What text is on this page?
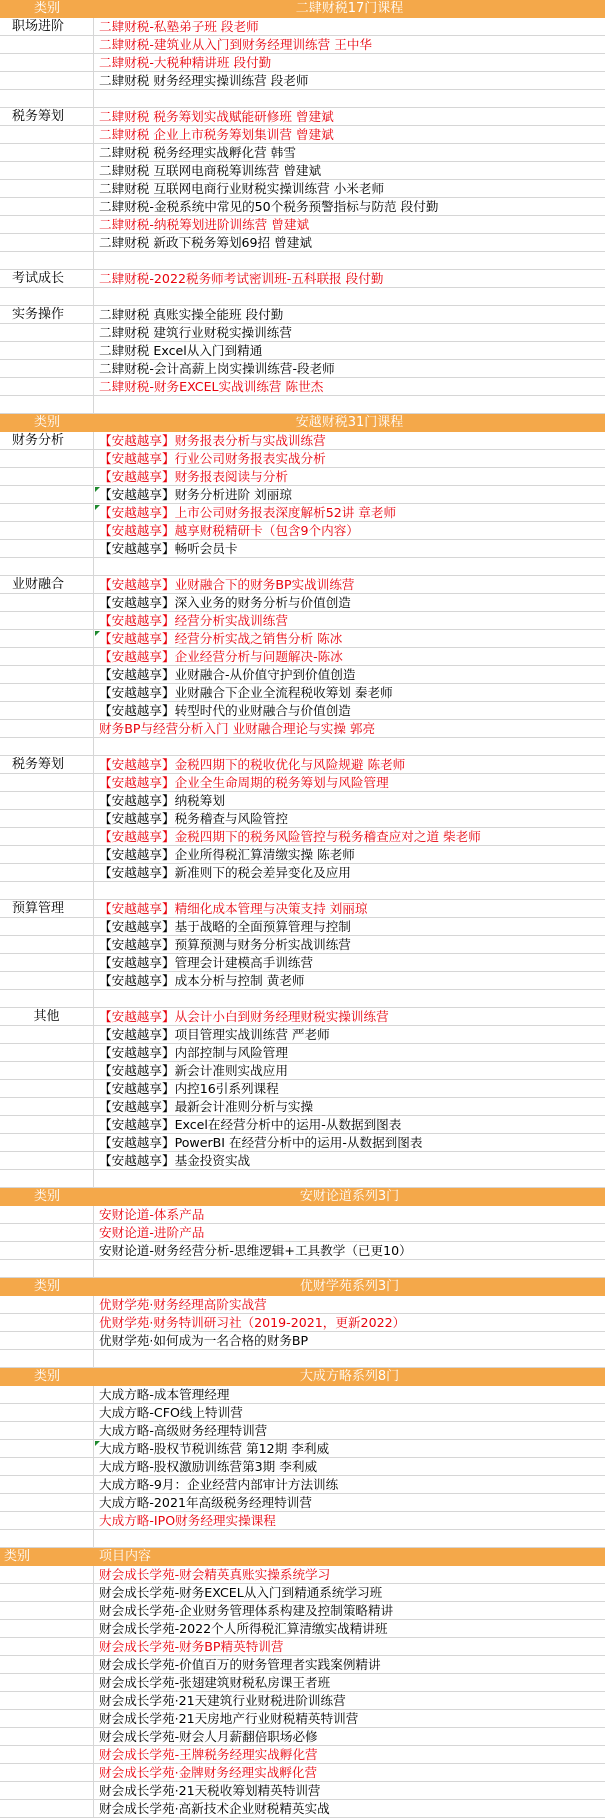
类别	二肆财税17门课程
职场进阶	二肆财税-私塾弟子班 段老师
二肆财税-建筑业从入门到财务经理训练营 王中华
二肆财税-大税种精讲班 段付勤
二肆财税 财务经理实操训练营 段老师
税务筹划	二肆财税 税务筹划实战赋能研修班 曾建斌
二肆财税 企业上市税务筹划集训营 曾建斌
二肆财税 税务经理实战孵化营 韩雪
二肆财税 互联网电商税筹训练营 曾建斌
二肆财税 互联网电商行业财税实操训练营 小米老师
二肆财税-金税系统中常见的50个税务预警指标与防范 段付勤
二肆财税-纳税筹划进阶训练营 曾建斌
二肆财税 新政下税务筹划69招 曾建斌
考试成长	二肆财税-2022税务师考试密训班-五科联报 段付勤
实务操作	二肆财税 真账实操全能班 段付勤
二肆财税 建筑行业财税实操训练营
二肆财税 Excel从入门到精通
二肆财税-会计高薪上岗实操训练营-段老师
二肆财税-财务EXCEL实战训练营 陈世杰
类别	安越财税31门课程
财务分析	【安越越享】财务报表分析与实战训练营
【安越越享】行业公司财务报表实战分析
【安越越享】财务报表阅读与分析
【安越越享】财务分析进阶 刘丽琼
【安越越享】上市公司财务报表深度解析52讲 章老师
【安越越享】越享财税精研卡（包含9个内容）
【安越越享】畅听会员卡
业财融合	【安越越享】业财融合下的财务BP实战训练营
【安越越享】深入业务的财务分析与价值创造
【安越越享】经营分析实战训练营
【安越越享】经营分析实战之销售分析 陈冰
【安越越享】企业经营分析与问题解决-陈冰
【安越越享】业财融合-从价值守护到价值创造
【安越越享】业财融合下企业全流程税收筹划 秦老师
【安越越享】转型时代的业财融合与价值创造
财务BP与经营分析入门 业财融合理论与实操 郭亮
税务筹划	【安越越享】金税四期下的税收优化与风险规避 陈老师
【安越越享】企业全生命周期的税务筹划与风险管理
【安越越享】纳税筹划
【安越越享】税务稽查与风险管控
【安越越享】金税四期下的税务风险管控与税务稽查应对之道 柴老师
【安越越享】企业所得税汇算清缴实操 陈老师
【安越越享】新准则下的税会差异变化及应用
预算管理	【安越越享】精细化成本管理与决策支持 刘丽琼
【安越越享】基于战略的全面预算管理与控制
【安越越享】预算预测与财务分析实战训练营
【安越越享】管理会计建模高手训练营
【安越越享】成本分析与控制 黄老师
其他	【安越越享】从会计小白到财务经理财税实操训练营
【安越越享】项目管理实战训练营 严老师
【安越越享】内部控制与风险管理
【安越越享】新会计准则实战应用
【安越越享】内控16引系列课程
【安越越享】最新会计准则分析与实操
【安越越享】Excel在经营分析中的运用-从数据到图表
【安越越享】PowerBI 在经营分析中的运用-从数据到图表
【安越越享】基金投资实战
类别	安财论道系列3门
安财论道-体系产品
安财论道-进阶产品
安财论道-财务经营分析-思维逻辑+工具教学（已更10）
类别	优财学苑系列3门
优财学苑·财务经理高阶实战营
优财学苑·财务特训研习社（2019-2021，更新2022）
优财学苑·如何成为一名合格的财务BP
类别	大成方略系列8门
大成方略-成本管理经理
大成方略-CFO线上特训营
大成方略-高级财务经理特训营
大成方略-股权节税训练营 第12期 李利威
大成方略-股权激励训练营第3期 李利威
大成方略-9月：企业经营内部审计方法训练
大成方略-2021年高级税务经理特训营
大成方略-IPO财务经理实操课程
类别	项目内容
财会成长学苑-财会精英真账实操系统学习
财会成长学苑-财务EXCEL从入门到精通系统学习班
财会成长学苑-企业财务管理体系构建及控制策略精讲
财会成长学苑-2022个人所得税汇算清缴实战精讲班
财会成长学苑-财务BP精英特训营
财会成长学苑-价值百万的财务管理者实践案例精讲
财会成长学苑-张翅建筑财税私房课王者班
财会成长学苑·21天建筑行业财税进阶训练营
财会成长学苑·21天房地产行业财税精英特训营
财会成长学苑-财会人月薪翻倍职场必修
财会成长学苑-王牌税务经理实战孵化营
财会成长学苑·金牌财务经理实战孵化营
财会成长学苑·21天税收筹划精英特训营
财会成长学苑·高新技术企业财税精英实战
